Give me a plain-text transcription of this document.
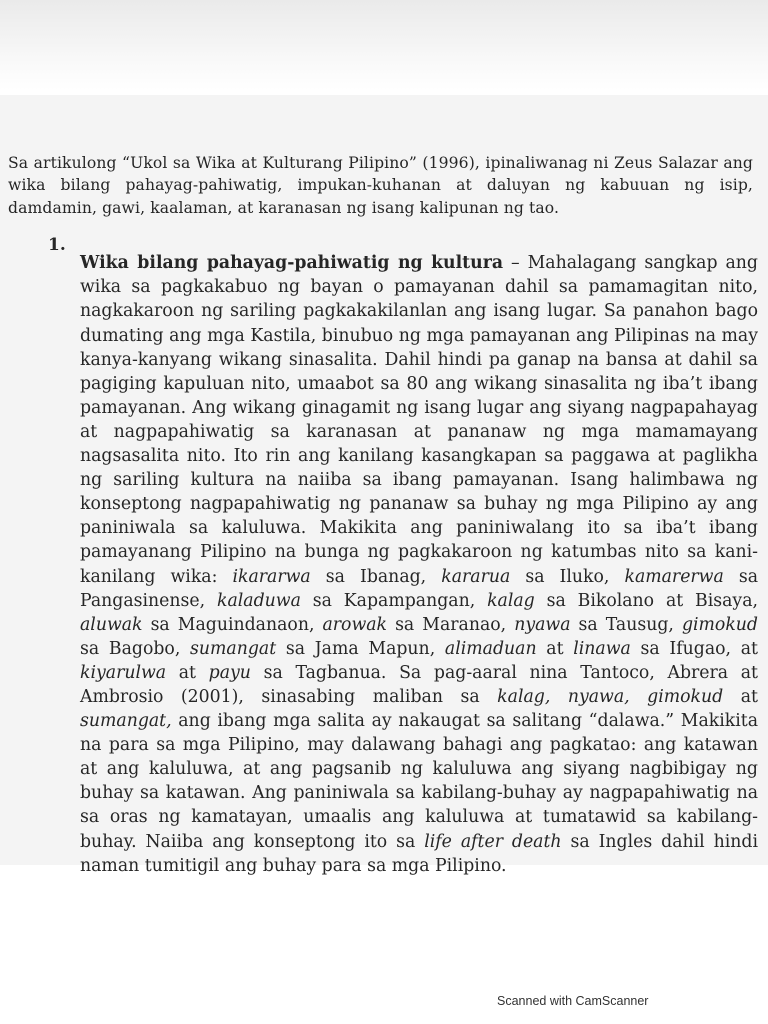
Sa artikulong “Ukol sa Wika at Kulturang Pilipino” (1996), ipinaliwanag ni Zeus Salazar ang wika bilang pahayag-pahiwatig, impukan-kuhanan at daluyan ng kabuuan ng isip, damdamin, gawi, kaalaman, at karanasan ng isang kalipunan ng tao.

1.

Wika bilang pahayag-pahiwatig ng kultura – Mahalagang sangkap ang wika sa pagkakabuo ng bayan o pamayanan dahil sa pamamagitan nito, nagkakaroon ng sariling pagkakakilanlan ang isang lugar. Sa panahon bago dumating ang mga Kastila, binubuo ng mga pamayanan ang Pilipinas na may kanya-kanyang wikang sinasalita. Dahil hindi pa ganap na bansa at dahil sa pagiging kapuluan nito, umaabot sa 80 ang wikang sinasalita ng iba’t ibang pamayanan. Ang wikang ginagamit ng isang lugar ang siyang nagpapahayag at nagpapahiwatig sa karanasan at pananaw ng mga mamamayang nagsasalita nito. Ito rin ang kanilang kasangkapan sa paggawa at paglikha ng sariling kultura na naiiba sa ibang pamayanan. Isang halimbawa ng konseptong nagpapahiwatig ng pananaw sa buhay ng mga Pilipino ay ang paniniwala sa kaluluwa. Makikita ang paniniwalang ito sa iba’t ibang pamayanang Pilipino na bunga ng pagkakaroon ng katumbas nito sa kani-kanilang wika: ikararwa sa Ibanag, kararua sa Iluko, kamarerwa sa Pangasinense, kaladuwa sa Kapampangan, kalag sa Bikolano at Bisaya, aluwak sa Maguindanaon, arowak sa Maranao, nyawa sa Tausug, gimokud sa Bagobo, sumangat sa Jama Mapun, alimaduan at linawa sa Ifugao, at kiyarulwa at payu sa Tagbanua. Sa pag-aaral nina Tantoco, Abrera at Ambrosio (2001), sinasabing maliban sa kalag, nyawa, gimokud at sumangat, ang ibang mga salita ay nakaugat sa salitang “dalawa.” Makikita na para sa mga Pilipino, may dalawang bahagi ang pagkatao: ang katawan at ang kaluluwa, at ang pagsanib ng kaluluwa ang siyang nagbibigay ng buhay sa katawan. Ang paniniwala sa kabilang-buhay ay nagpapahiwatig na sa oras ng kamatayan, umaalis ang kaluluwa at tumatawid sa kabilang-buhay. Naiiba ang konseptong ito sa life after death sa Ingles dahil hindi naman tumitigil ang buhay para sa mga Pilipino.

Scanned with CamScanner
